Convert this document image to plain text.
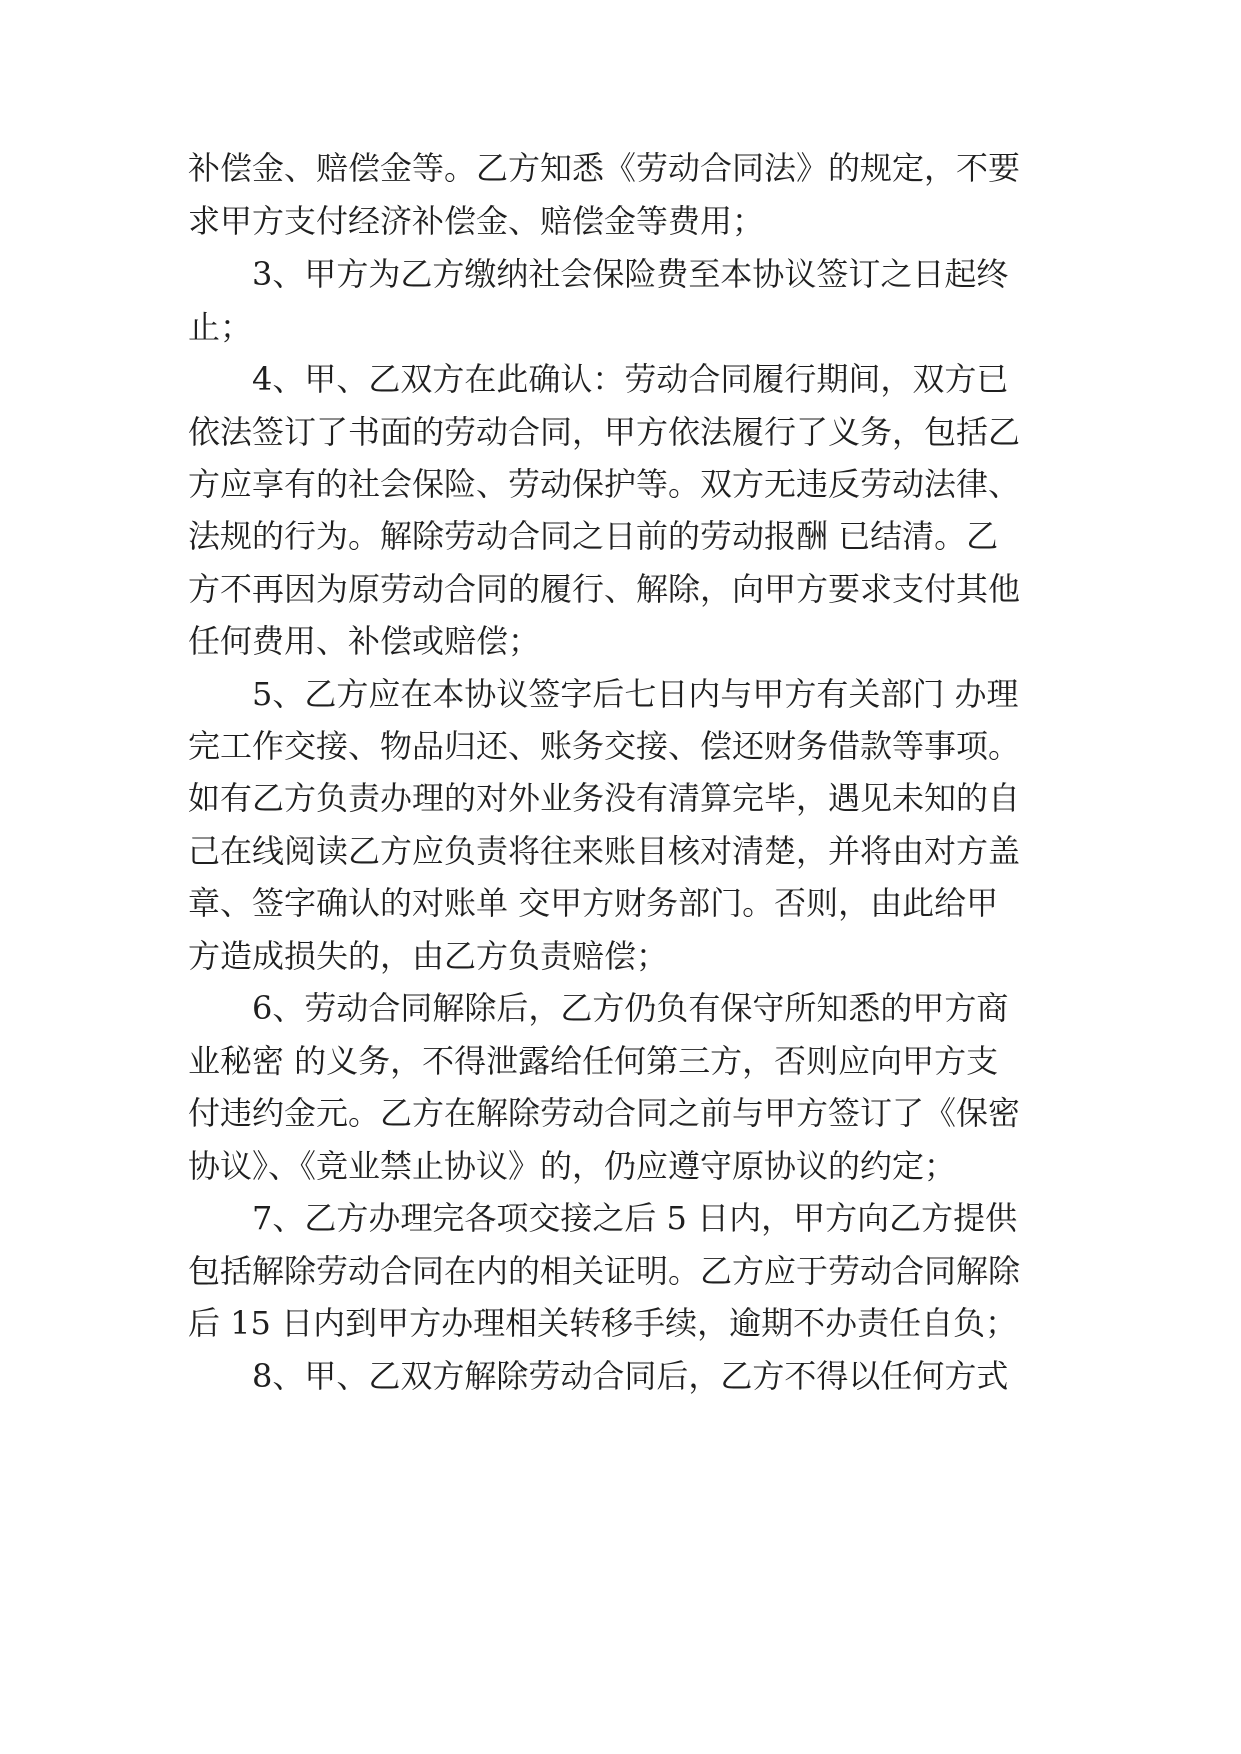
补偿金、赔偿金等。乙方知悉《劳动合同法》的规定，不要
求甲方支付经济补偿金、赔偿金等费用；
3、甲方为乙方缴纳社会保险费至本协议签订之日起终
止；
4、甲、乙双方在此确认：劳动合同履行期间，双方已
依法签订了书面的劳动合同，甲方依法履行了义务，包括乙
方应享有的社会保险、劳动保护等。双方无违反劳动法律、
法规的行为。解除劳动合同之日前的劳动报酬 已结清。乙
方不再因为原劳动合同的履行、解除，向甲方要求支付其他
任何费用、补偿或赔偿；
5、乙方应在本协议签字后七日内与甲方有关部门 办理
完工作交接、物品归还、账务交接、偿还财务借款等事项。
如有乙方负责办理的对外业务没有清算完毕，遇见未知的自
己在线阅读乙方应负责将往来账目核对清楚，并将由对方盖
章、签字确认的对账单 交甲方财务部门。否则，由此给甲
方造成损失的，由乙方负责赔偿；
6、劳动合同解除后，乙方仍负有保守所知悉的甲方商
业秘密 的义务，不得泄露给任何第三方，否则应向甲方支
付违约金元。乙方在解除劳动合同之前与甲方签订了《保密
协议》、《竞业禁止协议》的，仍应遵守原协议的约定；
7、乙方办理完各项交接之后 5 日内，甲方向乙方提供
包括解除劳动合同在内的相关证明。乙方应于劳动合同解除
后 15 日内到甲方办理相关转移手续，逾期不办责任自负；
8、甲、乙双方解除劳动合同后，乙方不得以任何方式
